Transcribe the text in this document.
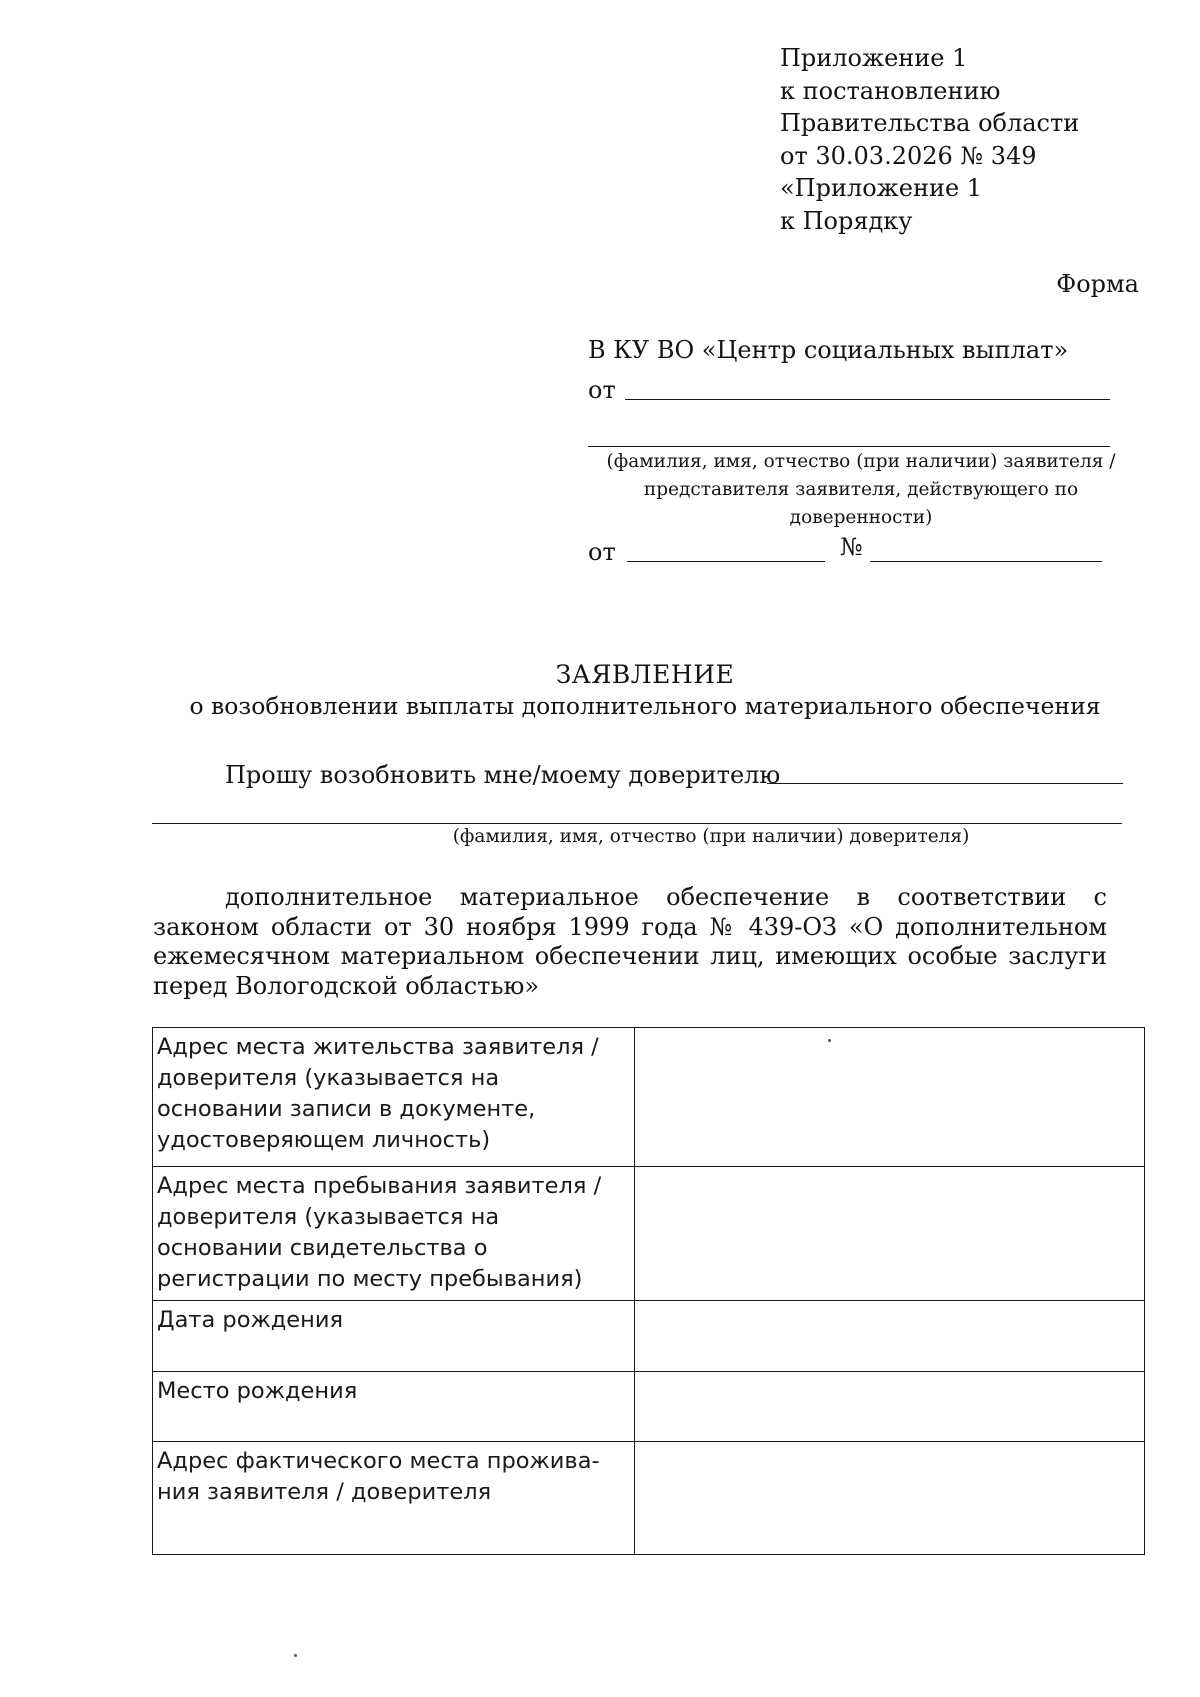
Приложение 1
к постановлению
Правительства области
от 30.03.2026 № 349
«Приложение 1
к Порядку
Форма
В КУ ВО «Центр социальных выплат»
от
(фамилия, имя, отчество (при наличии) заявителя /
представителя заявителя, действующего по
доверенности)
от	№
ЗАЯВЛЕНИЕ
о возобновлении выплаты дополнительного материального обеспечения
Прошу возобновить мне/моему доверителю
(фамилия, имя, отчество (при наличии) доверителя)
дополнительное материальное обеспечение в соответствии с законом области от 30 ноября 1999 года № 439-ОЗ «О дополнительном ежемесячном материальном обеспечении лиц, имеющих особые заслуги перед Вологодской областью»
Адрес места жительства заявителя / доверителя (указывается на основании записи в документе, удостоверяющем личность)	
Адрес места пребывания заявителя / доверителя (указывается на основании свидетельства о регистрации по месту пребывания)	
Дата рождения	
Место рождения	
Адрес фактического места проживания заявителя / доверителя	
